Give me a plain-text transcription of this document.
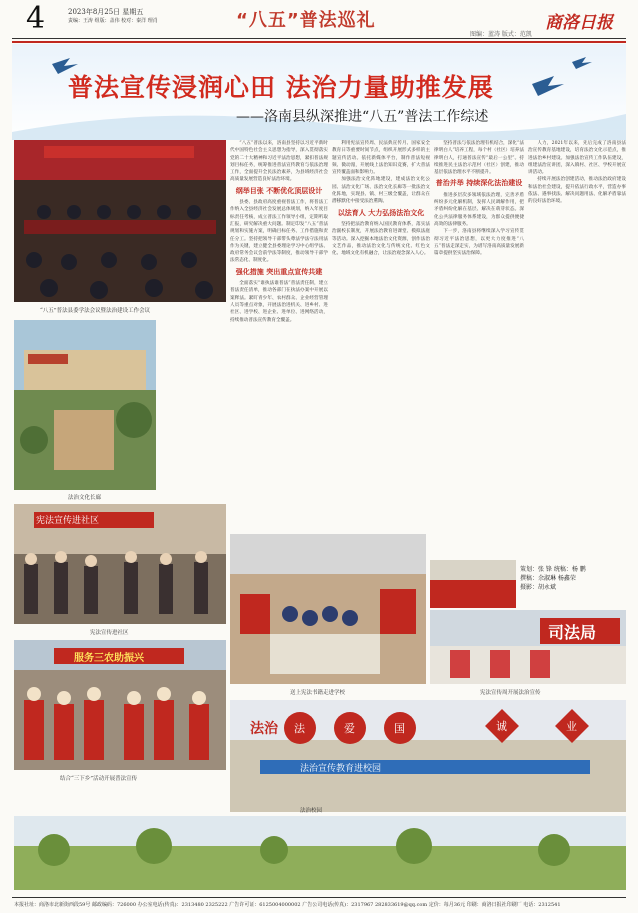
4	2023年8月25日 星期五
责编：王涛 组版：盖伟 校对：秦洋 理肖	“八五”普法巡礼	商洛日报
图编：蓝涛 版式：范凯
普法宣传浸润心田 法治力量助推发展
——洛南县纵深推进“八五”普法工作综述
“八五”普法县委学法会议暨法治建设工作会议
法治文化长廊
宪法宣传进社区
宪法宣传进社区

“八五”普法以来，洛南县坚持以习近平新时代中国特色社会主义思想为指导，深入贯彻落实党的二十大精神和习近平法治思想，紧扣普法规划目标任务，统筹推进普法宣传教育与依法治理工作，全面提升全民法治素养，为县域经济社会高质量发展营造良好法治环境。

纲举目张 不断优化顶层设计

县委、县政府高度重视普法工作，将普法工作纳入全县经济社会发展总体规划，纳入年度目标责任考核，成立普法工作领导小组，定期听取汇报，研究解决重大问题。制定印发“八五”普法规划和实施方案，明确目标任务、工作措施和责任分工。坚持把领导干部带头尊法学法守法用法作为关键，建立健全县委理论学习中心组学法、政府常务会议会前学法等制度，推动领导干部学法常态化、制度化。

强化措施 突出重点宣传共建

全面落实“谁执法谁普法”普法责任制，建立普法责任清单，推动各部门在执法办案中开展以案释法。紧盯青少年、农村群众、企业经营管理人员等重点对象，开展法治进机关、进乡村、进社区、进学校、进企业、进单位、进网络活动，持续推动普法宣传教育全覆盖。

利用宪法宣传周、民法典宣传月、国家安全教育日等重要时间节点，组织开展形式多样的主题宣传活动。依托新媒体平台，制作普法短视频、微动漫，开展线上法治知识竞赛，扩大普法宣传覆盖面和影响力。

加强法治文化阵地建设，建成法治文化公园、法治文化广场、法治文化长廊等一批法治文化阵地，实现县、镇、村三级全覆盖，让群众在潜移默化中接受法治熏陶。

以法育人 大力弘扬法治文化

坚持把法治教育纳入国民教育体系，落实法治副校长制度，开展法治教育进课堂、模拟法庭等活动。深入挖掘本地法治文化资源，创作法治文艺作品，推动法治文化与传统文化、红色文化、地域文化有机融合，让法治观念深入人心。

坚持普法与依法治理有机结合，深化“法律明白人”培养工程，每个村（社区）培养法律明白人，打通普法宣传“最后一公里”。持续推进民主法治示范村（社区）创建，推动基层依法治理水平不断提升。

普治并举 持续深化法治建设

推进多层次多领域依法治理，完善矛盾纠纷多元化解机制，发挥人民调解作用，把矛盾纠纷化解在基层、解决在萌芽状态。深化公共法律服务体系建设，为群众提供便捷高效的法律服务。

下一步，洛南县将继续深入学习宣传贯彻习近平法治思想，以更大力度推进“八五”普法走深走实，为谱写洛南高质量发展新篇章提供坚实法治保障。

人力，2021年以来，先后完成了洛南县法治宣传教育基地建设，培育法治文化示范点，推进法治乡村建设。加强法治宣传工作队伍建设，组建法治宣讲团，深入镇村、社区、学校开展宣讲活动。

持续开展法治创建活动，推动法治政府建设和法治社会建设，提升依法行政水平，营造办事依法、遇事找法、解决问题用法、化解矛盾靠法的良好法治环境。

策划：张 锋 统稿：杨 鹏
撰稿：余淑琳 杨鑫荣
摄影：胡永斌
送上宪法书籍走进学校
司法局
宪法宣传周开展法治宣传
服务三农助振兴
结合“三下乡”活动开展普法宣传
法治 法	爱	国	诚	业
法治宣传教育进校园
法治校园
本报社址：商洛市北新街西段59号 邮政编码：726000 办公室电话(传真)：2313480 2325222 广告许可证：6125004000002 广告公司电话(传真)：2317967 282833619@qq.com 定价：每月36元 印刷：商洛日报社印刷厂 电话：2312541
